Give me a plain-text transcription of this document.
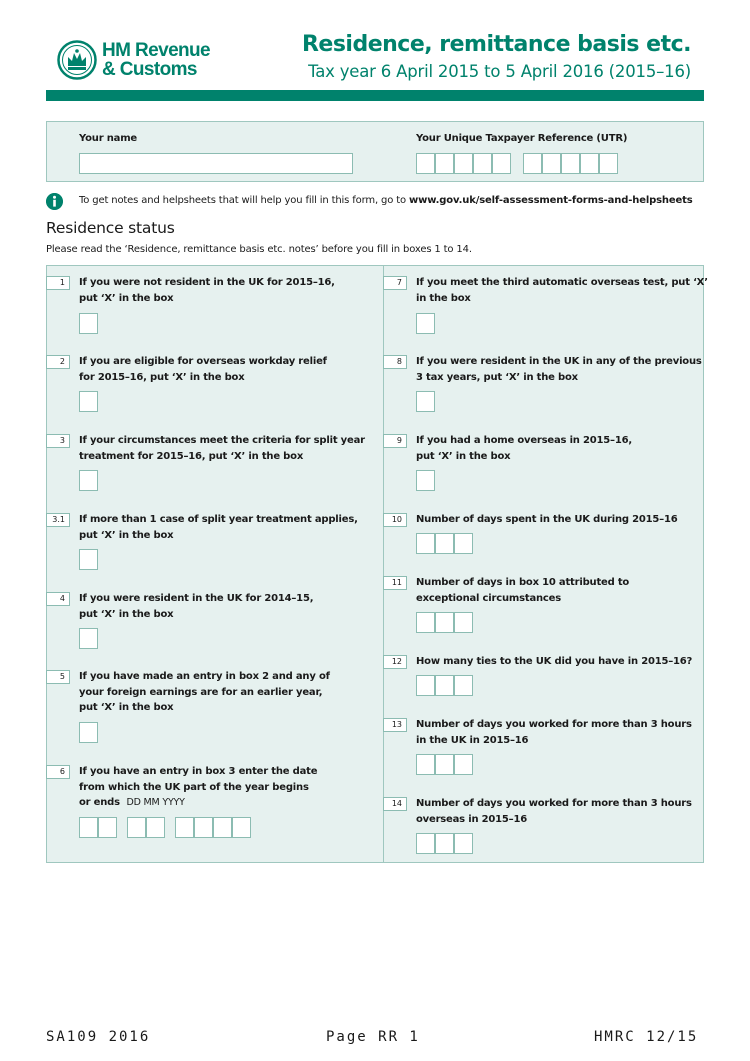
HM Revenue
& Customs
Residence, remittance basis etc.
Tax year 6 April 2015 to 5 April 2016 (2015–16)
Your name	Your Unique Taxpayer Reference (UTR)
To get notes and helpsheets that will help you fill in this form, go to www.gov.uk/self-assessment-forms-and-helpsheets
Residence status
Please read the ‘Residence, remittance basis etc. notes’ before you fill in boxes 1 to 14.
1	If you were not resident in the UK for 2015–16,
put ‘X’ in the box
2	If you are eligible for overseas workday relief
for 2015–16, put ‘X’ in the box
3	If your circumstances meet the criteria for split year
treatment for 2015–16, put ‘X’ in the box
3.1	If more than 1 case of split year treatment applies,
put ‘X’ in the box
4	If you were resident in the UK for 2014–15,
put ‘X’ in the box
5	If you have made an entry in box 2 and any of
your foreign earnings are for an earlier year,
put ‘X’ in the box
6	If you have an entry in box 3 enter the date
from which the UK part of the year begins
or ends DD MM YYYY
7	If you meet the third automatic overseas test, put ‘X’
in the box
8	If you were resident in the UK in any of the previous
3 tax years, put ‘X’ in the box
9	If you had a home overseas in 2015–16,
put ‘X’ in the box
10	Number of days spent in the UK during 2015–16
11	Number of days in box 10 attributed to
exceptional circumstances
12	How many ties to the UK did you have in 2015–16?
13	Number of days you worked for more than 3 hours
in the UK in 2015–16
14	Number of days you worked for more than 3 hours
overseas in 2015–16
SA109 2016	Page RR 1	HMRC 12/15
